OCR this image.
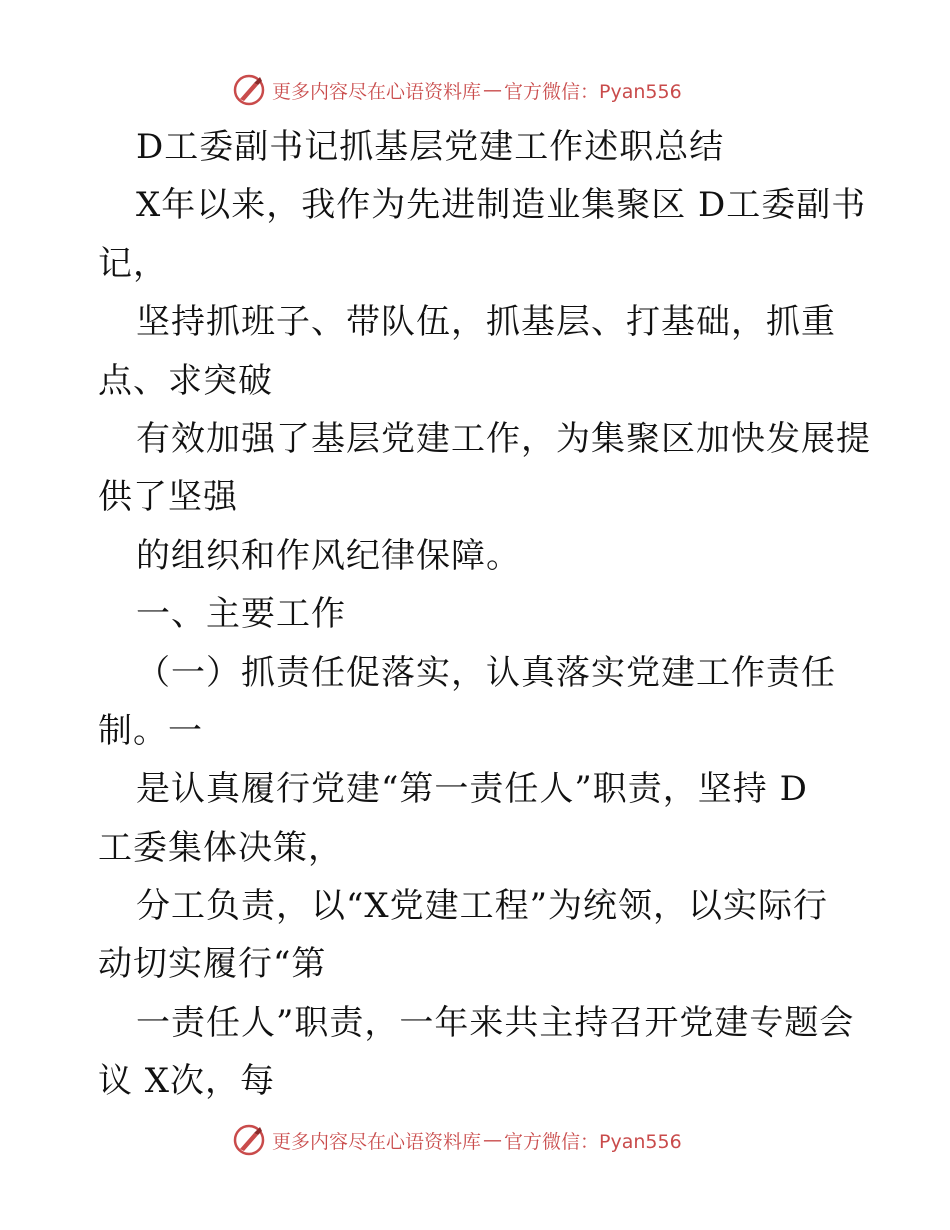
更多内容尽在心语资料库 — 官方微信：Pyan556
D工委副书记抓基层党建工作述职总结
X年以来，我作为先进制造业集聚区 D工委副书
记，
坚持抓班子、带队伍，抓基层、打基础，抓重
点、求突破
有效加强了基层党建工作，为集聚区加快发展提
供了坚强
的组织和作风纪律保障。
一、主要工作
（一）抓责任促落实，认真落实党建工作责任
制。一
是认真履行党建“第一责任人”职责，坚持 D
工委集体决策，
分工负责，以“X党建工程”为统领，以实际行
动切实履行“第
一责任人”职责，一年来共主持召开党建专题会
议 X次，每
更多内容尽在心语资料库 — 官方微信：Pyan556
